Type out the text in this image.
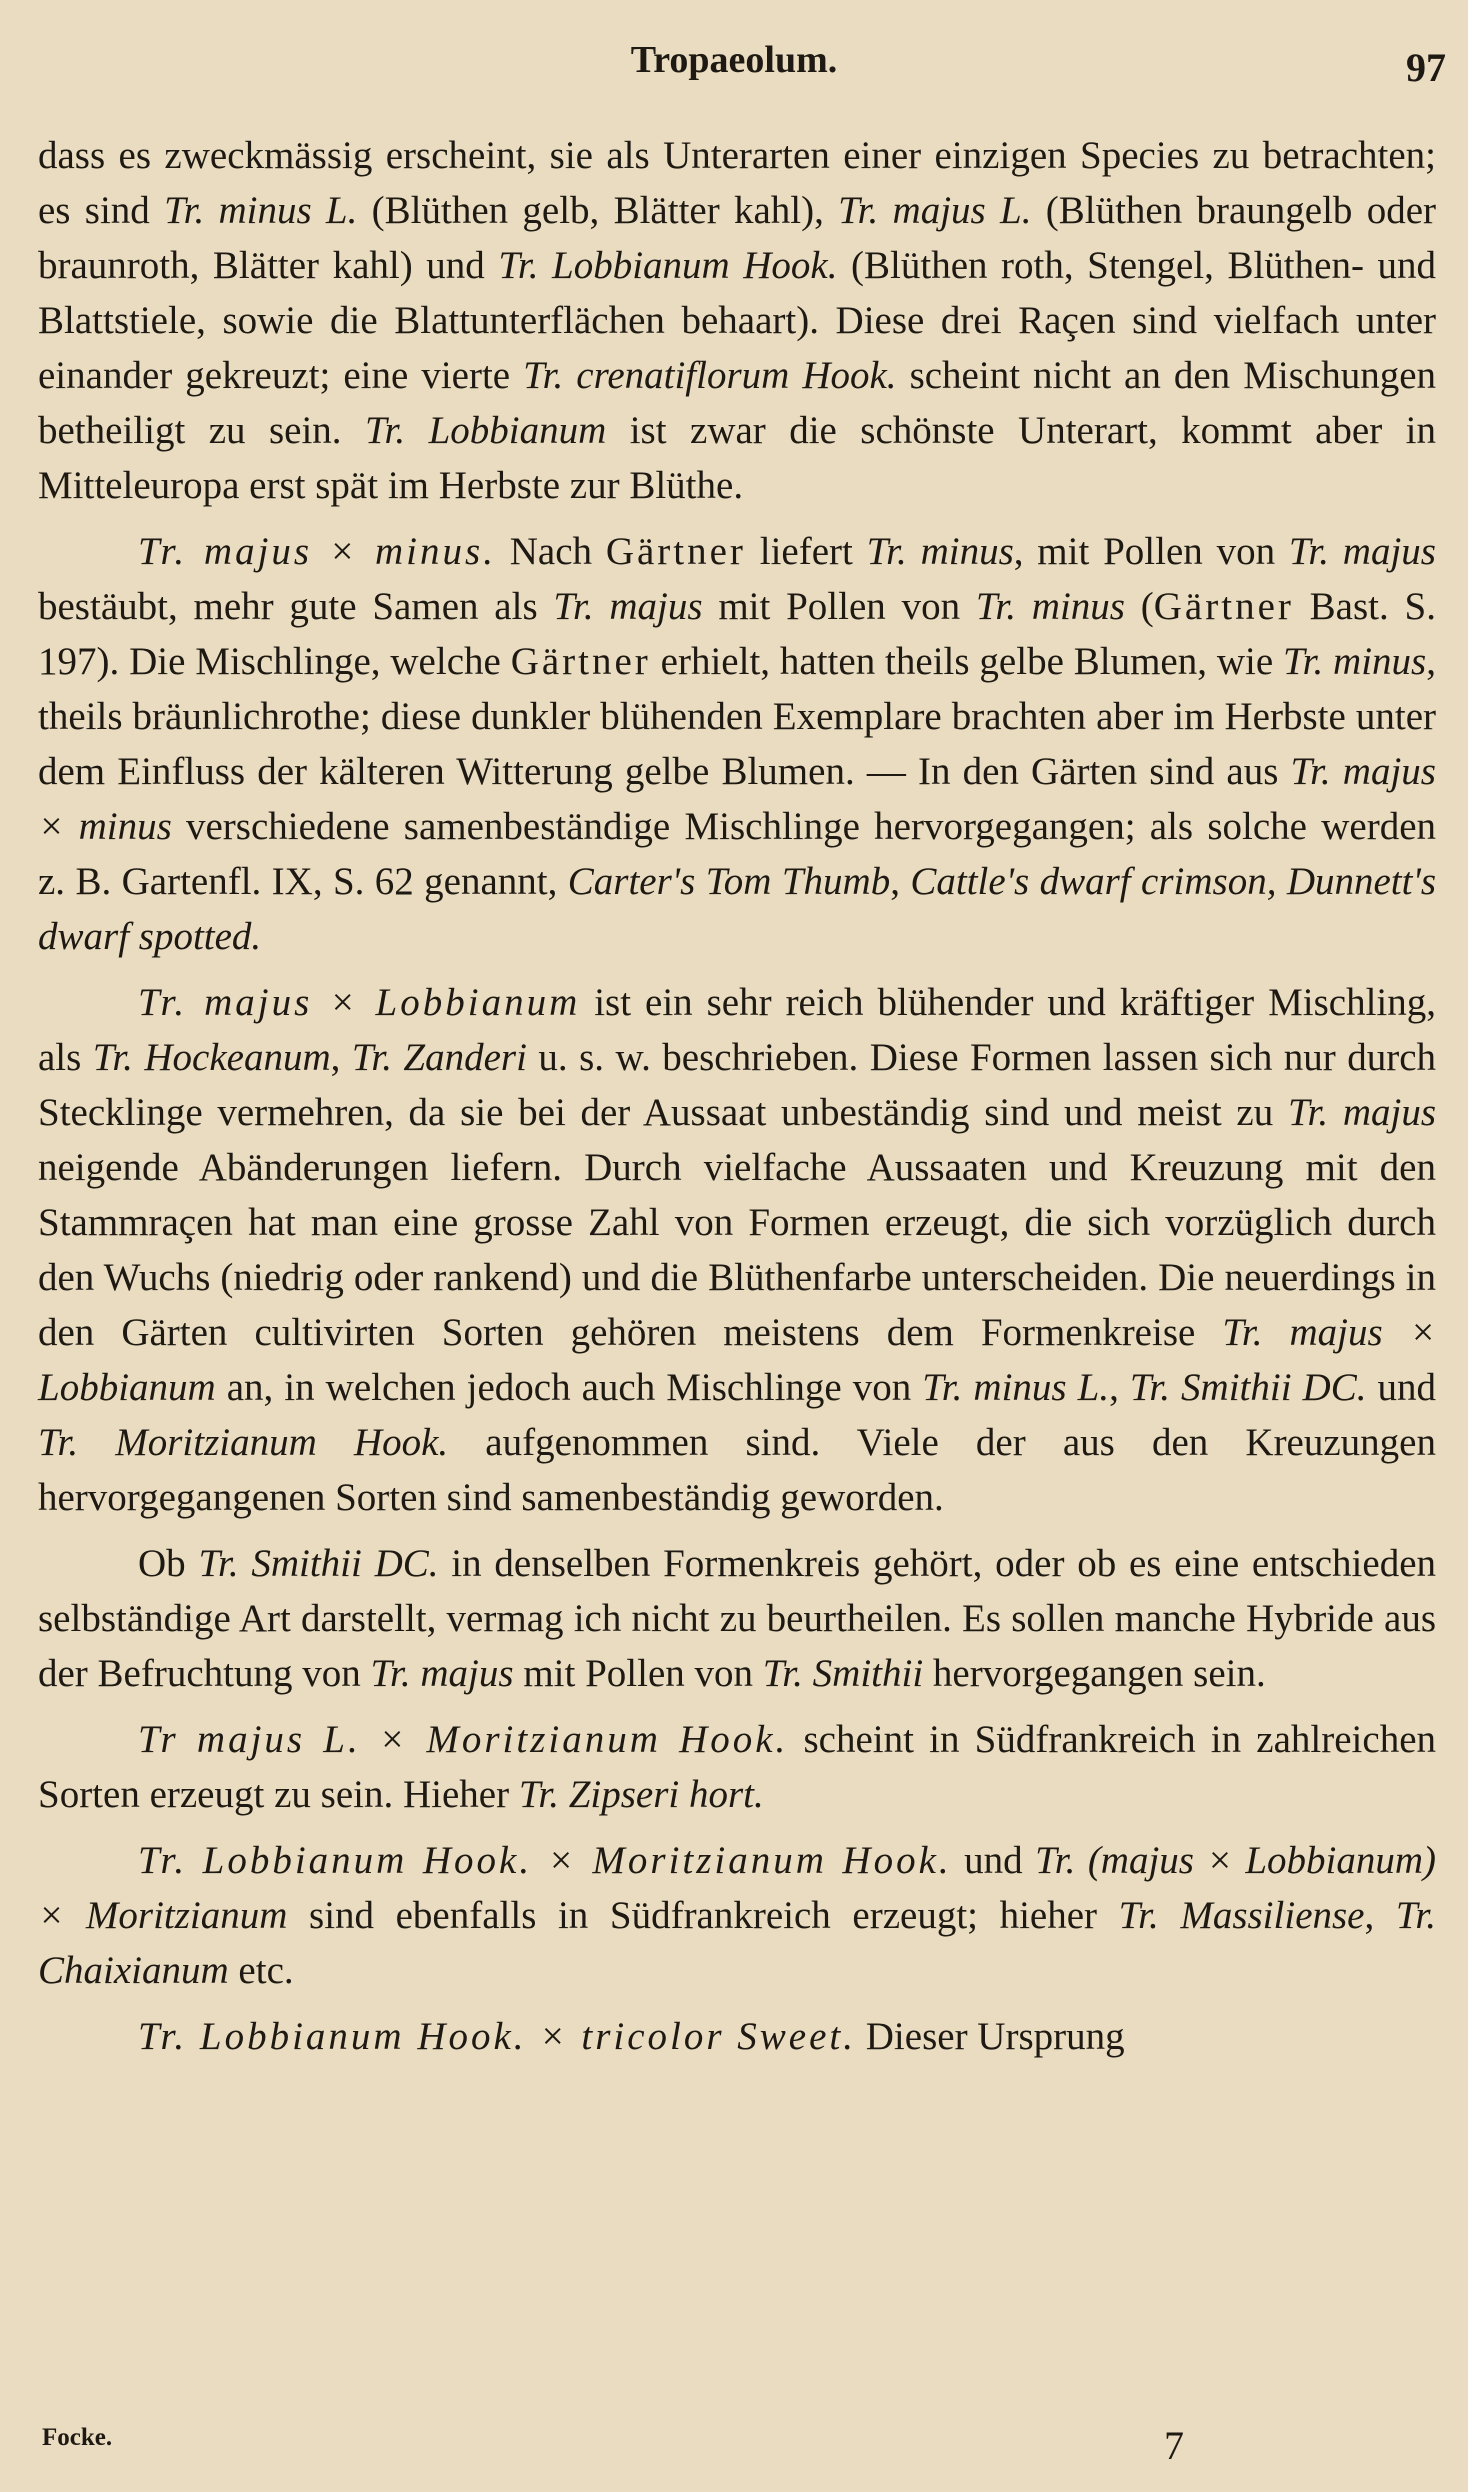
Tropaeolum.	97

dass es zweckmässig erscheint, sie als Unterarten einer einzigen Species zu betrachten; es sind Tr. minus L. (Blüthen gelb, Blätter kahl), Tr. majus L. (Blüthen braungelb oder braunroth, Blätter kahl) und Tr. Lobbianum Hook. (Blüthen roth, Stengel, Blüthen- und Blattstiele, sowie die Blattunterflächen behaart). Diese drei Raçen sind vielfach unter einander gekreuzt; eine vierte Tr. crenatiflorum Hook. scheint nicht an den Mischungen betheiligt zu sein. Tr. Lobbianum ist zwar die schönste Unterart, kommt aber in Mitteleuropa erst spät im Herbste zur Blüthe.

Tr. majus × minus. Nach Gärtner liefert Tr. minus, mit Pollen von Tr. majus bestäubt, mehr gute Samen als Tr. majus mit Pollen von Tr. minus (Gärtner Bast. S. 197). Die Mischlinge, welche Gärtner erhielt, hatten theils gelbe Blumen, wie Tr. minus, theils bräunlichrothe; diese dunkler blühenden Exemplare brachten aber im Herbste unter dem Einfluss der kälteren Witterung gelbe Blumen. — In den Gärten sind aus Tr. majus × minus verschiedene samenbeständige Mischlinge hervorgegangen; als solche werden z. B. Gartenfl. IX, S. 62 genannt, Carter's Tom Thumb, Cattle's dwarf crimson, Dunnett's dwarf spotted.

Tr. majus × Lobbianum ist ein sehr reich blühender und kräftiger Mischling, als Tr. Hockeanum, Tr. Zanderi u. s. w. beschrieben. Diese Formen lassen sich nur durch Stecklinge vermehren, da sie bei der Aussaat unbeständig sind und meist zu Tr. majus neigende Abänderungen liefern. Durch vielfache Aussaaten und Kreuzung mit den Stammraçen hat man eine grosse Zahl von Formen erzeugt, die sich vorzüglich durch den Wuchs (niedrig oder rankend) und die Blüthenfarbe unterscheiden. Die neuerdings in den Gärten cultivirten Sorten gehören meistens dem Formenkreise Tr. majus × Lobbianum an, in welchen jedoch auch Mischlinge von Tr. minus L., Tr. Smithii DC. und Tr. Moritzianum Hook. aufgenommen sind. Viele der aus den Kreuzungen hervorgegangenen Sorten sind samenbeständig geworden.

Ob Tr. Smithii DC. in denselben Formenkreis gehört, oder ob es eine entschieden selbständige Art darstellt, vermag ich nicht zu beurtheilen. Es sollen manche Hybride aus der Befruchtung von Tr. majus mit Pollen von Tr. Smithii hervorgegangen sein.

Tr majus L. × Moritzianum Hook. scheint in Südfrankreich in zahlreichen Sorten erzeugt zu sein. Hieher Tr. Zipseri hort.

Tr. Lobbianum Hook. × Moritzianum Hook. und Tr. (majus × Lobbianum) × Moritzianum sind ebenfalls in Südfrankreich erzeugt; hieher Tr. Massiliense, Tr. Chaixianum etc.

Tr. Lobbianum Hook. × tricolor Sweet. Dieser Ursprung

Focke.	7
